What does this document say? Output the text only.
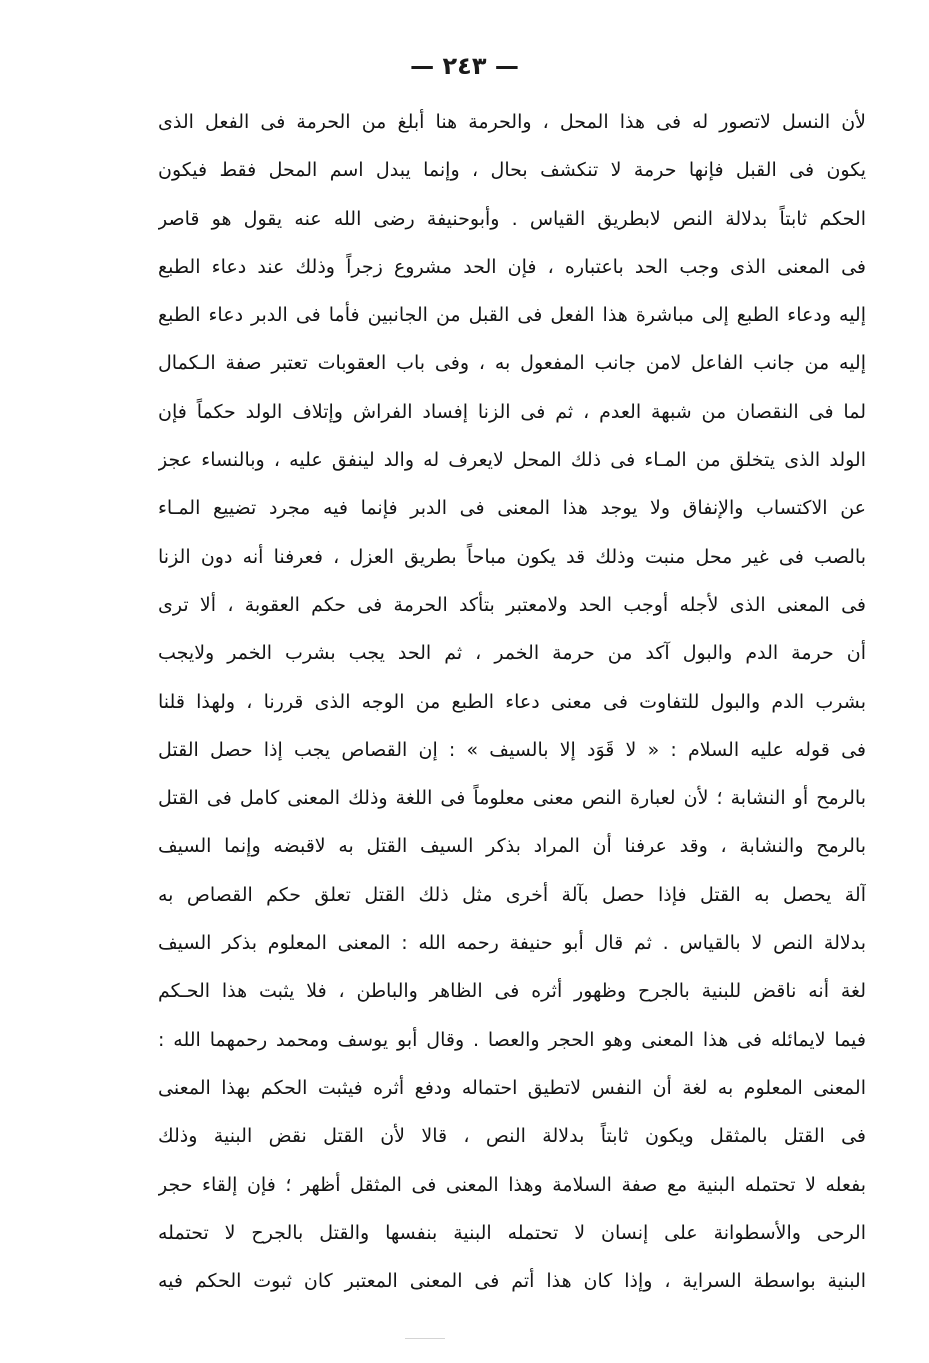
— ٢٤٣ —
لأن النسل لاتصور له فى هذا المحل ، والحرمة هنا أبلغ من الحرمة فى الفعل الذى
يكون فى القبل فإنها حرمة لا تنكشف بحال ، وإنما يبدل اسم المحل فقط فيكون
الحكم ثابتاً بدلالة النص لابطريق القياس . وأبوحنيفة رضى الله عنه يقول هو قاصر
فى المعنى الذى وجب الحد باعتباره ، فإن الحد مشروع زجراً وذلك عند دعاء الطبع
إليه ودعاء الطبع إلى مباشرة هذا الفعل فى القبل من الجانبين فأما فى الدبر دعاء الطبع
إليه من جانب الفاعل لامن جانب المفعول به ، وفى باب العقوبات تعتبر صفة الـكمال
لما فى النقصان من شبهة العدم ، ثم فى الزنا إفساد الفراش وإتلاف الولد حكماً فإن
الولد الذى يتخلق من المـاء فى ذلك المحل لايعرف له والد لينفق عليه ، وبالنساء عجز
عن الاكتساب والإنفاق ولا يوجد هذا المعنى فى الدبر فإنما فيه مجرد تضييع المـاء
بالصب فى غير محل منبت وذلك قد يكون مباحاً بطريق العزل ، فعرفنا أنه دون الزنا
فى المعنى الذى لأجله أوجب الحد ولامعتبر بتأكد الحرمة فى حكم العقوبة ، ألا ترى
أن حرمة الدم والبول آكد من حرمة الخمر ، ثم الحد يجب بشرب الخمر ولايجب
بشرب الدم والبول للتفاوت فى معنى دعاء الطبع من الوجه الذى قررنا ، ولهذا قلنا
فى قوله عليه السلام : « لا قَوَد إلا بالسيف » : إن القصاص يجب إذا حصل القتل
بالرمح أو النشابة ؛ لأن لعبارة النص معنى معلوماً فى اللغة وذلك المعنى كامل فى القتل
بالرمح والنشابة ، وقد عرفنا أن المراد بذكر السيف القتل به لاقبضه وإنما السيف
آلة يحصل به القتل فإذا حصل بآلة أخرى مثل ذلك القتل تعلق حكم القصاص به
بدلالة النص لا بالقياس . ثم قال أبو حنيفة رحمه الله : المعنى المعلوم بذكر السيف
لغة أنه ناقض للبنية بالجرح وظهور أثره فى الظاهر والباطن ، فلا يثبت هذا الحـكم
فيما لايمائله فى هذا المعنى وهو الحجر والعصا . وقال أبو يوسف ومحمد رحمهما الله :
المعنى المعلوم به لغة أن النفس لاتطيق احتماله ودفع أثره فيثبت الحكم بهذا المعنى
فى القتل بالمثقل ويكون ثابتاً بدلالة النص ، قالا لأن القتل نقض البنية وذلك
بفعله لا تحتمله البنية مع صفة السلامة وهذا المعنى فى المثقل أظهر ؛ فإن إلقاء حجر
الرحى والأسطوانة على إنسان لا تحتمله البنية بنفسها والقتل بالجرح لا تحتمله
البنية بواسطة السراية ، وإذا كان هذا أتم فى المعنى المعتبر كان ثبوت الحكم فيه
